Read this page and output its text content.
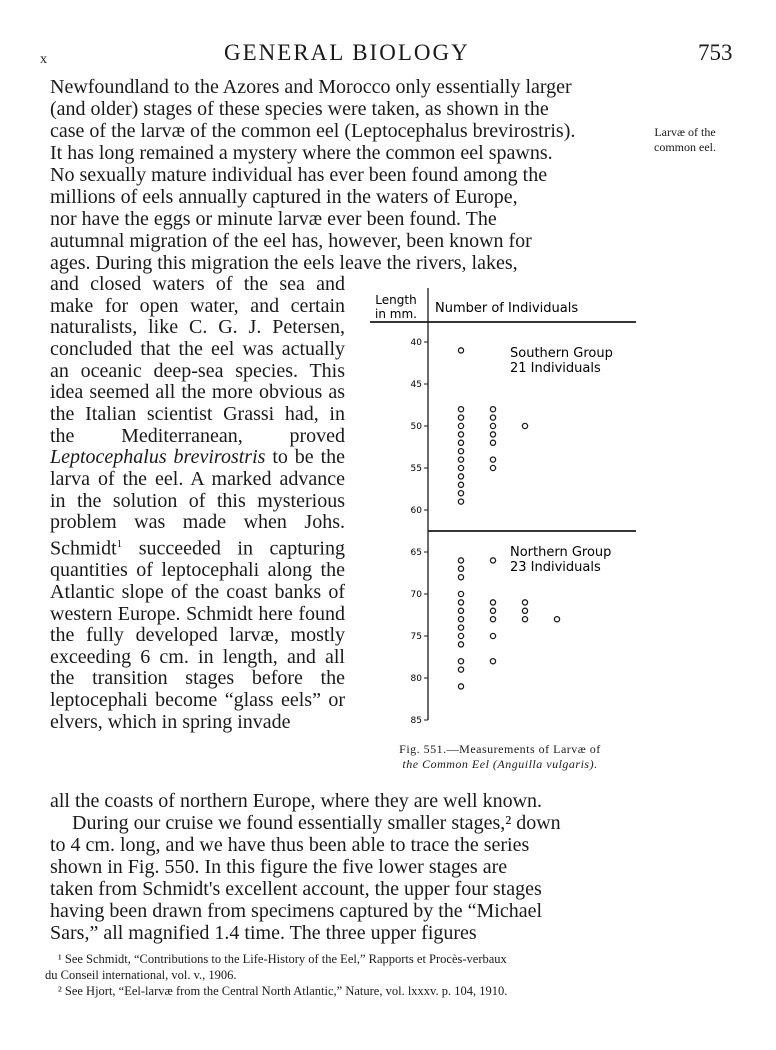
x	GENERAL BIOLOGY	753
Newfoundland to the Azores and Morocco only essentially larger
(and older) stages of these species were taken, as shown in the
case of the larvæ of the common eel (Leptocephalus brevirostris).
It has long remained a mystery where the common eel spawns.
No sexually mature individual has ever been found among the
millions of eels annually captured in the waters of Europe,
nor have the eggs or minute larvæ ever been found. The
autumnal migration of the eel has, however, been known for
ages. During this migration the eels leave the rivers, lakes,
Larvæ of the common eel.

and closed waters of the sea and make for open water, and certain naturalists, like C. G. J. Petersen, concluded that the eel was actually an oceanic deep-sea species. This idea seemed all the more obvious as the Italian scientist Grassi had, in the Mediterranean, proved Leptocephalus brevirostris to be the larva of the eel. A marked advance in the solution of this mysterious problem was made when Johs. Schmidt$^1$ succeeded in capturing quantities of leptocephali along the Atlantic slope of the coast banks of western Europe. Schmidt here found the fully developed larvæ, mostly exceeding 6 cm. in length, and all the transition stages before the leptocephali become “glass eels” or elvers, which in spring invade

Length
in mm. Number of Individuals
Southern Group
21 Individuals
Northern Group
23 Individuals
40
45
50
55
60
65
70
75
80
85
Fig. 551.—Measurements of Larvæ of
the Common Eel (Anguilla vulgaris).
all the coasts of northern Europe, where they are well known.
During our cruise we found essentially smaller stages,² down
to 4 cm. long, and we have thus been able to trace the series
shown in Fig. 550. In this figure the five lower stages are
taken from Schmidt's excellent account, the upper four stages
having been drawn from specimens captured by the “Michael
Sars,” all magnified 1.4 time. The three upper figures
¹ See Schmidt, “Contributions to the Life-History of the Eel,” Rapports et Procès-verbaux
du Conseil international, vol. v., 1906.
² See Hjort, “Eel-larvæ from the Central North Atlantic,” Nature, vol. lxxxv. p. 104, 1910.
